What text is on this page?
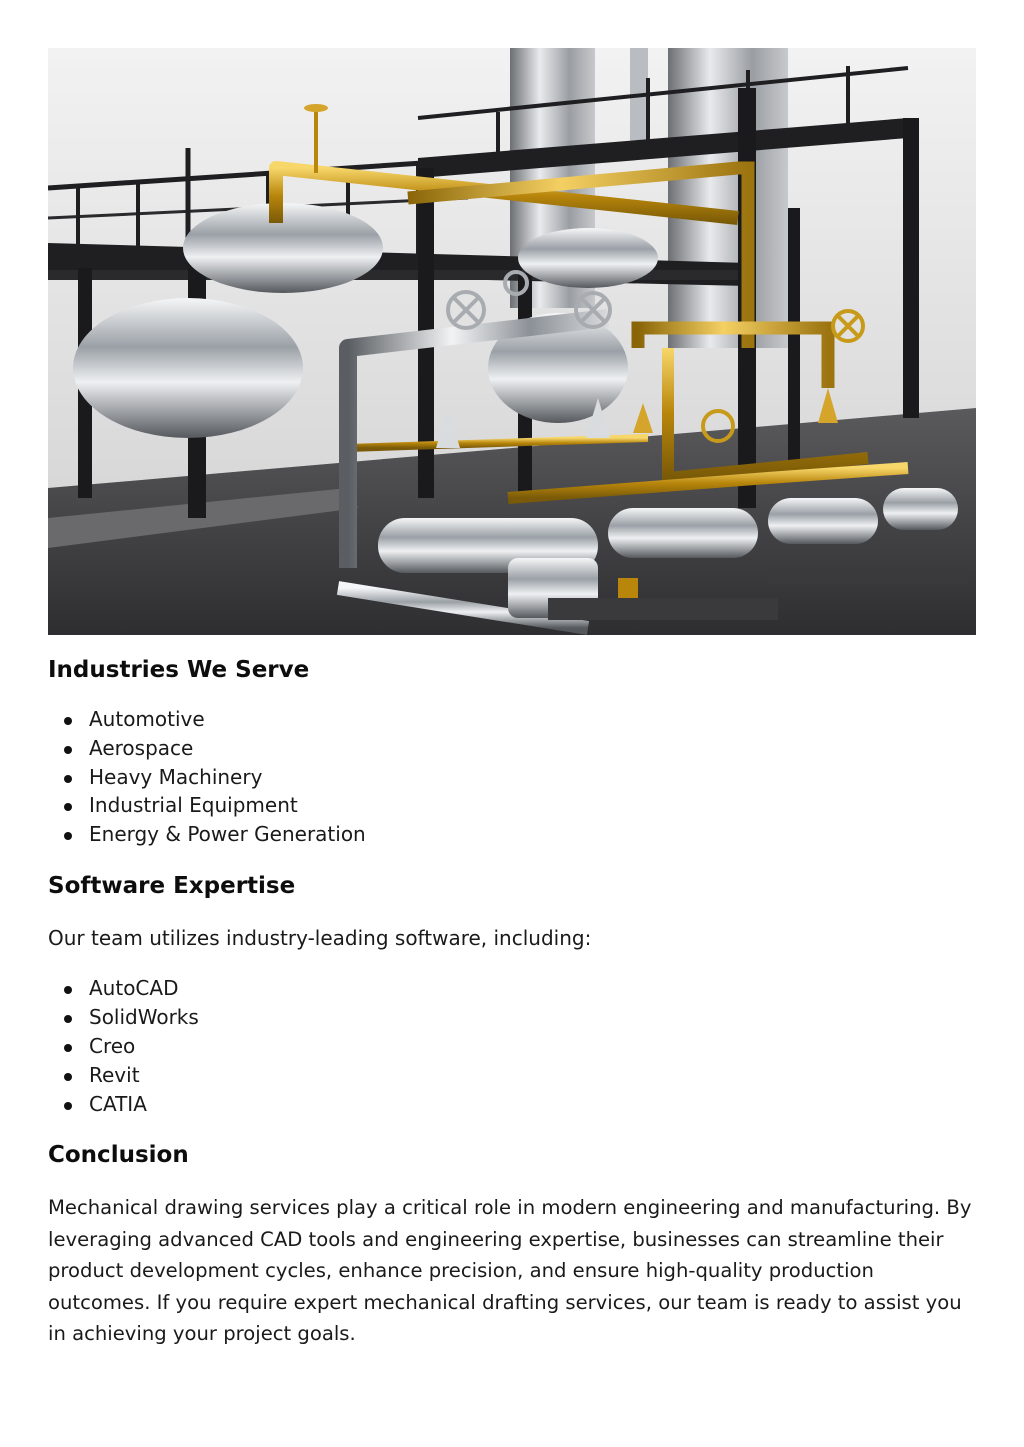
Industries We Serve
Automotive
Aerospace
Heavy Machinery
Industrial Equipment
Energy & Power Generation
Software Expertise

Our team utilizes industry-leading software, including:

AutoCAD
SolidWorks
Creo
Revit
CATIA
Conclusion

Mechanical drawing services play a critical role in modern engineering and manufacturing. By leveraging advanced CAD tools and engineering expertise, businesses can streamline their product development cycles, enhance precision, and ensure high-quality production outcomes. If you require expert mechanical drafting services, our team is ready to assist you in achieving your project goals.
